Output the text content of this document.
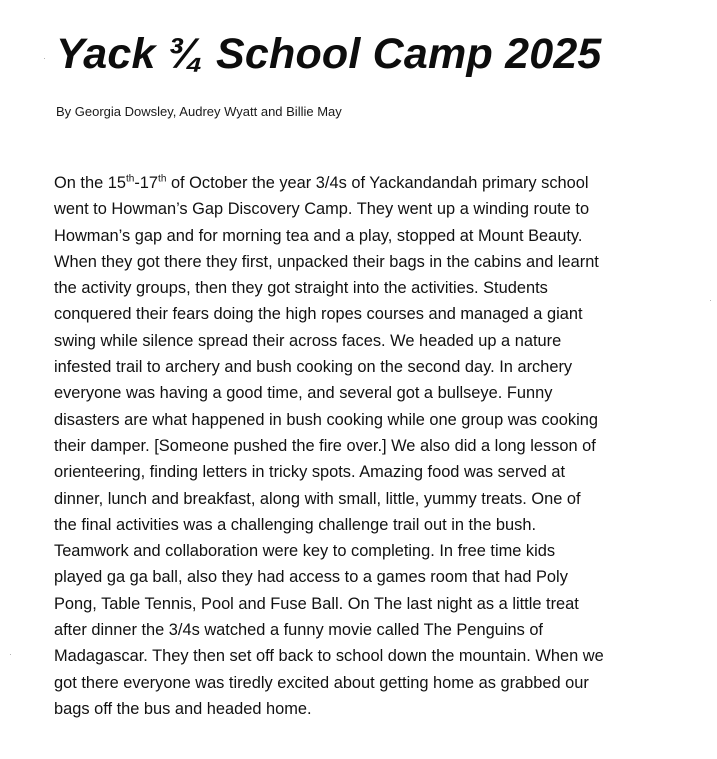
Yack ¾ School Camp 2025

By Georgia Dowsley, Audrey Wyatt and Billie May

On the 15th-17th of October the year 3/4s of Yackandandah primary school
went to Howman’s Gap Discovery Camp. They went up a winding route to
Howman’s gap and for morning tea and a play, stopped at Mount Beauty.
When they got there they first, unpacked their bags in the cabins and learnt
the activity groups, then they got straight into the activities. Students
conquered their fears doing the high ropes courses and managed a giant
swing while silence spread their across faces. We headed up a nature
infested trail to archery and bush cooking on the second day. In archery
everyone was having a good time, and several got a bullseye. Funny
disasters are what happened in bush cooking while one group was cooking
their damper. [Someone pushed the fire over.] We also did a long lesson of
orienteering, finding letters in tricky spots. Amazing food was served at
dinner, lunch and breakfast, along with small, little, yummy treats. One of
the final activities was a challenging challenge trail out in the bush.
Teamwork and collaboration were key to completing. In free time kids
played ga ga ball, also they had access to a games room that had Poly
Pong, Table Tennis, Pool and Fuse Ball. On The last night as a little treat
after dinner the 3/4s watched a funny movie called The Penguins of
Madagascar. They then set off back to school down the mountain. When we
got there everyone was tiredly excited about getting home as grabbed our
bags off the bus and headed home.
